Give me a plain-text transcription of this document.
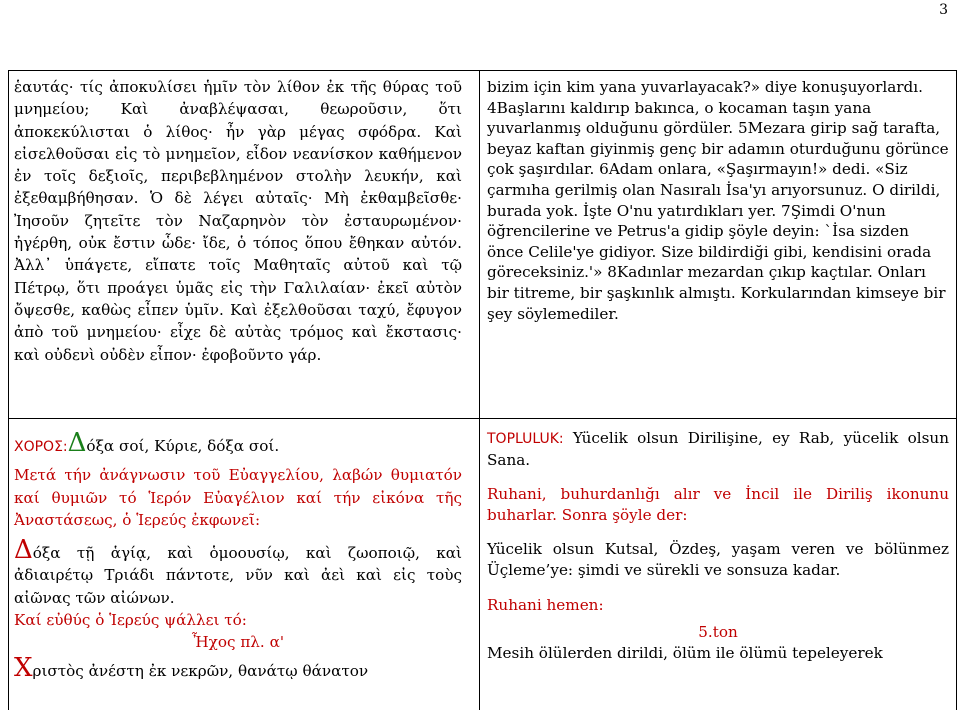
3

ἑαυτάς· τίς ἀποκυλίσει ἡμῖν τὸν λίθον ἐκ τῆς θύρας τοῦ μνημείου; Καὶ ἀναβλέψασαι, θεωροῦσιν, ὅτι ἀποκεκύλισται ὁ λίθος· ἦν γὰρ μέγας σφόδρα. Καὶ εἰσελθοῦσαι εἰς τὸ μνημεῖον, εἶδον νεανίσκον καθήμενον ἐν τοῖς δεξιοῖς, περιβεβλημένον στολὴν λευκήν, καὶ ἐξεθαμβήθησαν. Ὁ δὲ λέγει αὐταῖς· Μὴ ἐκθαμβεῖσθε· Ἰησοῦν ζητεῖτε τὸν Ναζαρηνὸν τὸν ἐσταυρωμένον· ἠγέρθη, οὐκ ἔστιν ὧδε· ἴδε, ὁ τόπος ὅπου ἔθηκαν αὐτόν. Ἀλλ᾽ ὑπάγετε, εἴπατε τοῖς Μαθηταῖς αὐτοῦ καὶ τῷ Πέτρῳ, ὅτι προάγει ὑμᾶς εἰς τὴν Γαλιλαίαν· ἐκεῖ αὐτὸν ὄψεσθε, καθὼς εἶπεν ὑμῖν. Καὶ ἐξελθοῦσαι ταχύ, ἔφυγον ἀπὸ τοῦ μνημείου· εἶχε δὲ αὐτὰς τρόμος καὶ ἔκστασις· καὶ οὐδενὶ οὐδὲν εἶπον· ἐφοβοῦντο γάρ.

bizim için kim yana yuvarlayacak?» diye konuşuyorlardı. 4Başlarını kaldırıp bakınca, o kocaman taşın yana yuvarlanmış olduğunu gördüler. 5Mezara girip sağ tarafta, beyaz kaftan giyinmiş genç bir adamın oturduğunu görünce çok şaşırdılar. 6Adam onlara, «Şaşırmayın!» dedi. «Siz çarmıha gerilmiş olan Nasıralı İsa'yı arıyorsunuz. O dirildi, burada yok. İşte O'nu yatırdıkları yer. 7Şimdi O'nun öğrencilerine ve Petrus'a gidip şöyle deyin: `İsa sizden önce Celile'ye gidiyor. Size bildirdiği gibi, kendisini orada göreceksiniz.'» 8Kadınlar mezardan çıkıp kaçtılar. Onları bir titreme, bir şaşkınlık almıştı. Korkularından kimseye bir şey söylemediler.

ΧΟΡΟΣ:Δόξα σοί, Κύριε, δόξα σοί.

Μετά τήν ἀνάγνωσιν τοῦ Εὐαγγελίου, λαβών θυμιατόν καί θυμιῶν τό Ἱερόν Εὐαγέλιον καί τήν εἰκόνα τῆς Ἀναστάσεως, ὁ Ἱερεύς ἐκφωνεῖ:

Δόξα τῇ ἁγίᾳ, καὶ ὁμοουσίῳ, καὶ ζωοποιῷ, καὶ ἀδιαιρέτῳ Τριάδι πάντοτε, νῦν καὶ ἀεὶ καὶ εἰς τοὺς αἰῶνας τῶν αἰώνων.

Καί εὐθύς ὁ Ἱερεύς ψάλλει τό:

Ἦχος πλ. α'

Χριστὸς ἀνέστη ἐκ νεκρῶν, θανάτῳ θάνατον

TOPLULUK: Yücelik olsun Dirilişine, ey Rab, yücelik olsun Sana.

Ruhani, buhurdanlığı alır ve İncil ile Diriliş ikonunu buharlar. Sonra şöyle der:

Yücelik olsun Kutsal, Özdeş, yaşam veren ve bölünmez Üçleme’ye: şimdi ve sürekli ve sonsuza kadar.

Ruhani hemen:

5.ton

Mesih ölülerden dirildi, ölüm ile ölümü tepeleyerek
